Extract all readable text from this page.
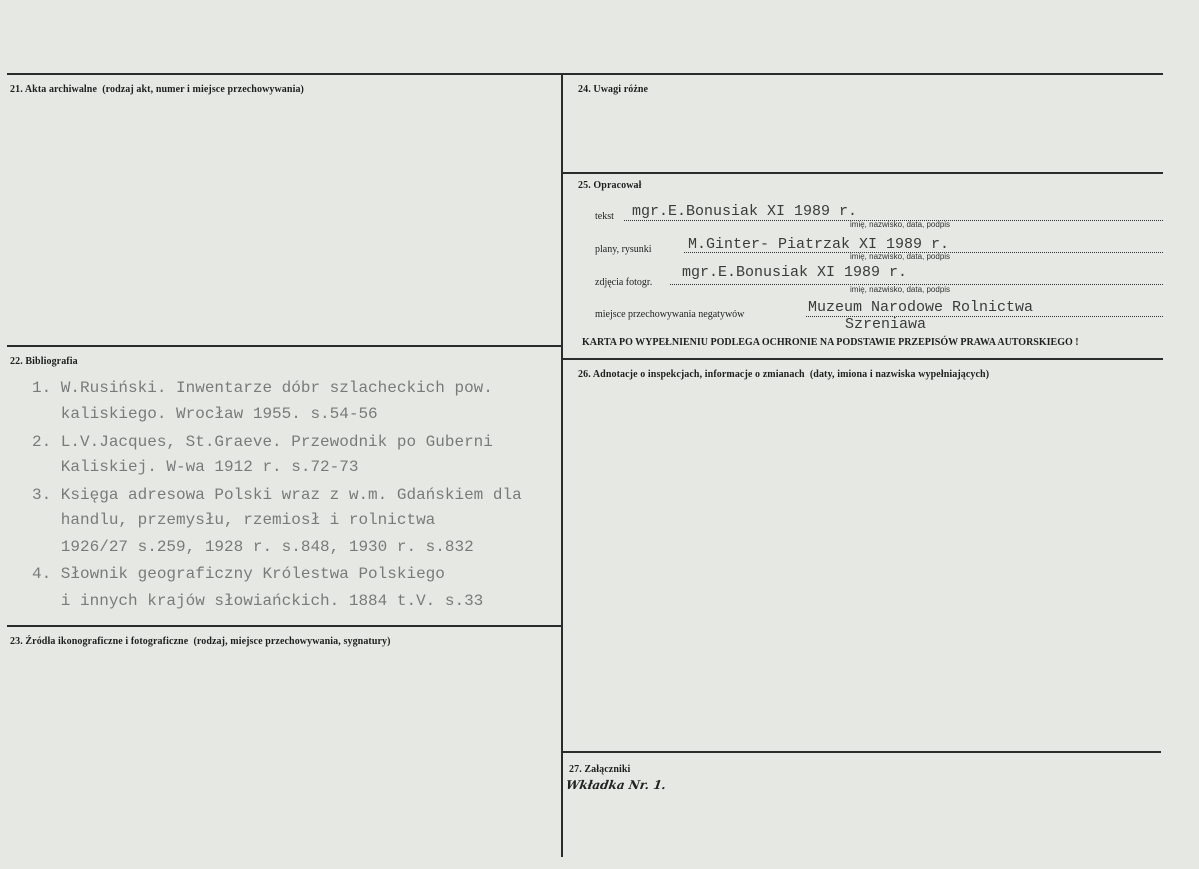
21. Akta archiwalne (rodzaj akt, numer i miejsce przechowywania)	24. Uwagi różne
25. Opracował
tekst mgr.E.Bonusiak XI 1989 r.
imię, nazwisko, data, podpis
plany, rysunki M.Ginter- Piatrzak XI 1989 r.
imię, nazwisko, data, podpis
zdjęcia fotogr.
mgr.E.Bonusiak XI 1989 r.
imię, nazwisko, data, podpis
miejsce przechowywania negatywów	Muzeum Narodowe Rolnictwa
Szreniawa
KARTA PO WYPEŁNIENIU PODLEGA OCHRONIE NA PODSTAWIE PRZEPISÓW PRAWA AUTORSKIEGO !
22. Bibliografia
1. W.Rusiński. Inwentarze dóbr szlacheckich pow.
kaliskiego. Wrocław 1955. s.54-56
2. L.V.Jacques, St.Graeve. Przewodnik po Guberni
Kaliskiej. W-wa 1912 r. s.72-73
3. Księga adresowa Polski wraz z w.m. Gdańskiem dla
handlu, przemysłu, rzemiosł i rolnictwa
1926/27 s.259, 1928 r. s.848, 1930 r. s.832
4. Słownik geograficzny Królestwa Polskiego
i innych krajów słowiańckich. 1884 t.V. s.33
26. Adnotacje o inspekcjach, informacje o zmianach (daty, imiona i nazwiska wypełniających)
23. Źródła ikonograficzne i fotograficzne (rodzaj, miejsce przechowywania, sygnatury)
27. Załączniki
Wkładka Nr. 1.
